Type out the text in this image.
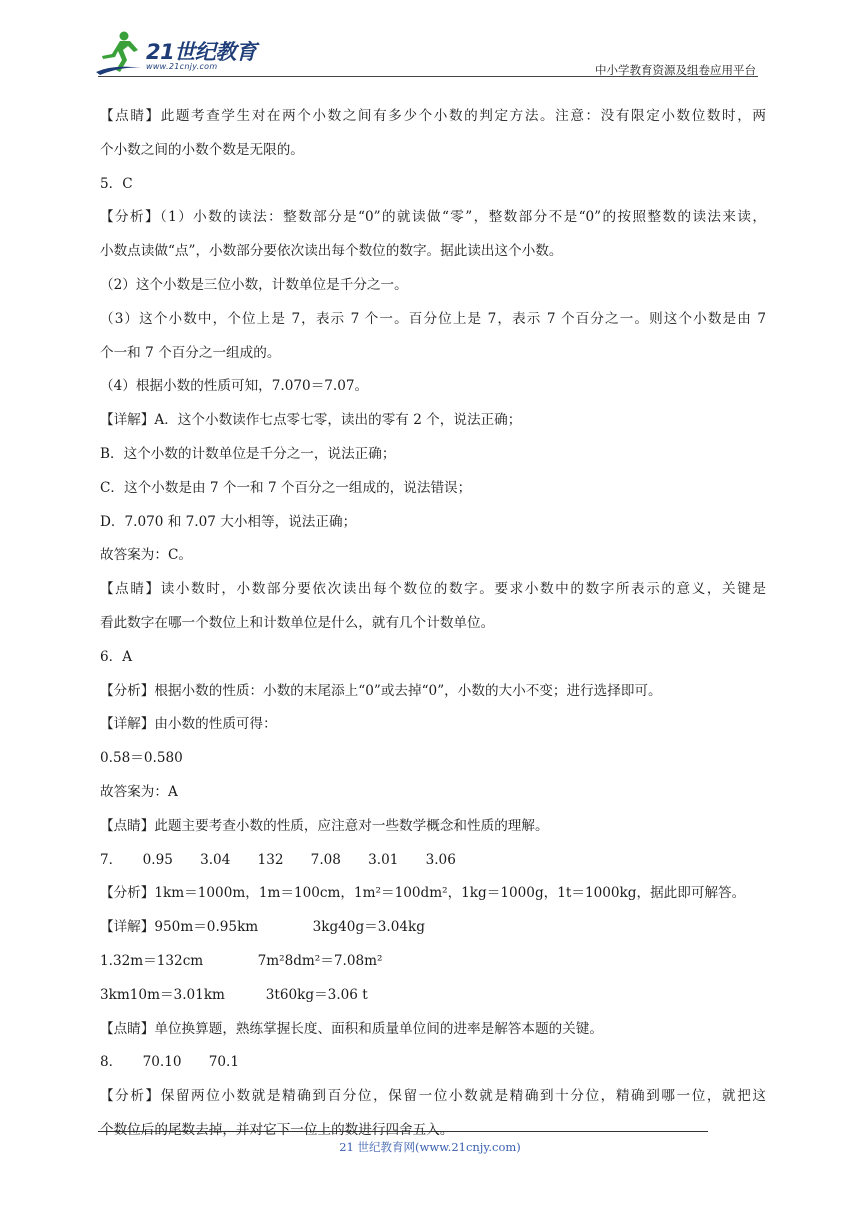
21世纪教育
www.21cnjy.com	中小学教育资源及组卷应用平台
【点睛】此题考查学生对在两个小数之间有多少个小数的判定方法。注意：没有限定小数位数时，两
个小数之间的小数个数是无限的。
5．C
【分析】（1）小数的读法：整数部分是“0”的就读做“零”，整数部分不是“0”的按照整数的读法来读，
小数点读做“点”，小数部分要依次读出每个数位的数字。据此读出这个小数。
（2）这个小数是三位小数，计数单位是千分之一。
（3）这个小数中，个位上是 7，表示 7 个一。百分位上是 7，表示 7 个百分之一。则这个小数是由 7
个一和 7 个百分之一组成的。
（4）根据小数的性质可知，7.070＝7.07。
【详解】A．这个小数读作七点零七零，读出的零有 2 个，说法正确；
B．这个小数的计数单位是千分之一，说法正确；
C．这个小数是由 7 个一和 7 个百分之一组成的，说法错误；
D．7.070 和 7.07 大小相等，说法正确；
故答案为：C。
【点睛】读小数时，小数部分要依次读出每个数位的数字。要求小数中的数字所表示的意义，关键是
看此数字在哪一个数位上和计数单位是什么，就有几个计数单位。
6．A
【分析】根据小数的性质：小数的末尾添上“0”或去掉“0”，小数的大小不变；进行选择即可。
【详解】由小数的性质可得：
0.58＝0.580
故答案为：A
【点睛】此题主要考查小数的性质，应注意对一些数学概念和性质的理解。
7．　　0.95　　3.04　　132　　7.08　　3.01　　3.06
【分析】1km＝1000m，1m＝100cm，1m²＝100dm²，1kg＝1000g，1t＝1000kg，据此即可解答。
【详解】950m＝0.95km　　　　3kg40g＝3.04kg
1.32m＝132cm　　　　7m²8dm²＝7.08m²
3km10m＝3.01km　　　3t60kg＝3.06 t
【点睛】单位换算题，熟练掌握长度、面积和质量单位间的进率是解答本题的关键。
8．　　70.10　　70.1
【分析】保留两位小数就是精确到百分位，保留一位小数就是精确到十分位，精确到哪一位，就把这
个数位后的尾数去掉，并对它下一位上的数进行四舍五入。
21 世纪教育网(www.21cnjy.com)
